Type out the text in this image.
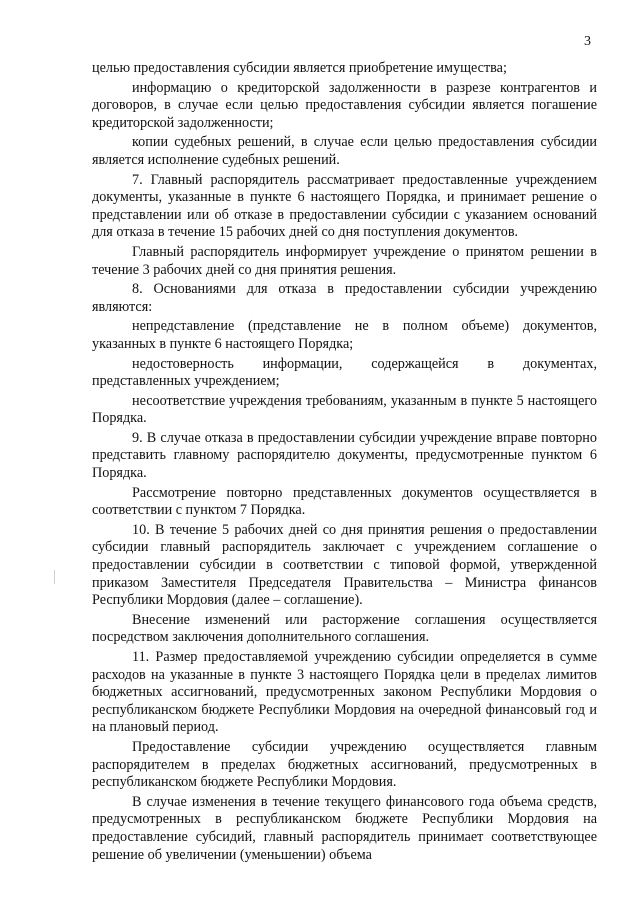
3

целью предоставления субсидии является приобретение имущества;

информацию о кредиторской задолженности в разрезе контрагентов и договоров, в случае если целью предоставления субсидии является погашение кредиторской задолженности;

копии судебных решений, в случае если целью предоставления субсидии является исполнение судебных решений.

7. Главный распорядитель рассматривает предоставленные учреждением документы, указанные в пункте 6 настоящего Порядка, и принимает решение о представлении или об отказе в предоставлении субсидии с указанием оснований для отказа в течение 15 рабочих дней со дня поступления документов.

Главный распорядитель информирует учреждение о принятом решении в течение 3 рабочих дней со дня принятия решения.

8. Основаниями для отказа в предоставлении субсидии учреждению являются:

непредставление (представление не в полном объеме) документов, указанных в пункте 6 настоящего Порядка;

недостоверность информации, содержащейся в документах, представленных учреждением;

несоответствие учреждения требованиям, указанным в пункте 5 настоящего Порядка.

9. В случае отказа в предоставлении субсидии учреждение вправе повторно представить главному распорядителю документы, предусмотренные пунктом 6 Порядка.

Рассмотрение повторно представленных документов осуществляется в соответствии с пунктом 7 Порядка.

10. В течение 5 рабочих дней со дня принятия решения о предоставлении субсидии главный распорядитель заключает с учреждением соглашение о предоставлении субсидии в соответствии с типовой формой, утвержденной приказом Заместителя Председателя Правительства – Министра финансов Республики Мордовия (далее – соглашение).

Внесение изменений или расторжение соглашения осуществляется посредством заключения дополнительного соглашения.

11. Размер предоставляемой учреждению субсидии определяется в сумме расходов на указанные в пункте 3 настоящего Порядка цели в пределах лимитов бюджетных ассигнований, предусмотренных законом Республики Мордовия о республиканском бюджете Республики Мордовия на очередной финансовый год и на плановый период.

Предоставление субсидии учреждению осуществляется главным распорядителем в пределах бюджетных ассигнований, предусмотренных в республиканском бюджете Республики Мордовия.

В случае изменения в течение текущего финансового года объема средств, предусмотренных в республиканском бюджете Республики Мордовия на предоставление субсидий, главный распорядитель принимает соответствующее решение об увеличении (уменьшении) объема
